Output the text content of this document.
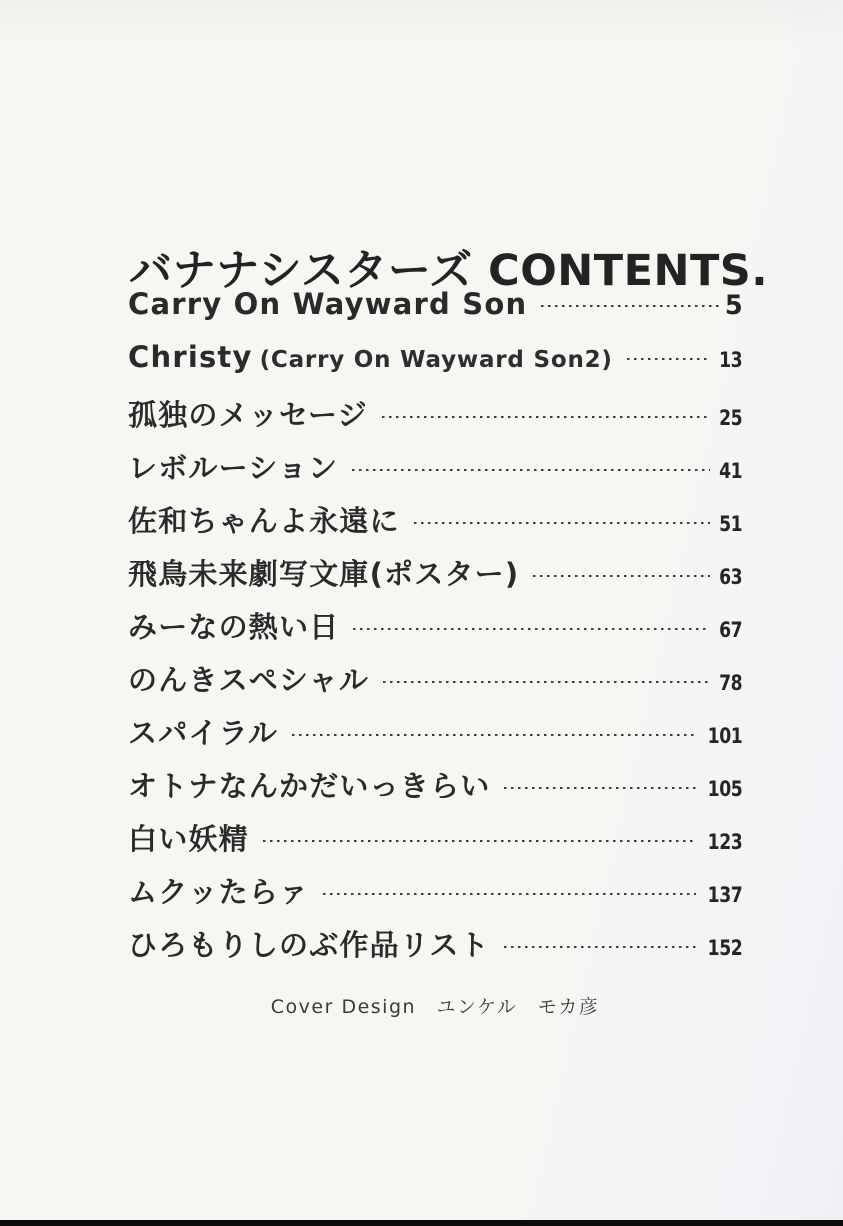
バナナシスターズ CONTENTS.
Carry On Wayward Son	5
Christy (Carry On Wayward Son2)	13
孤独のメッセージ	25
レボルーション	41
佐和ちゃんよ永遠に	51
飛鳥未来劇写文庫(ポスター)	63
みーなの熱い日	67
のんきスペシャル	78
スパイラル	101
オトナなんかだいっきらい	105
白い妖精	123
ムクッたらァ	137
ひろもりしのぶ作品リスト	152
Cover Design　ユンケル　モカ彦
